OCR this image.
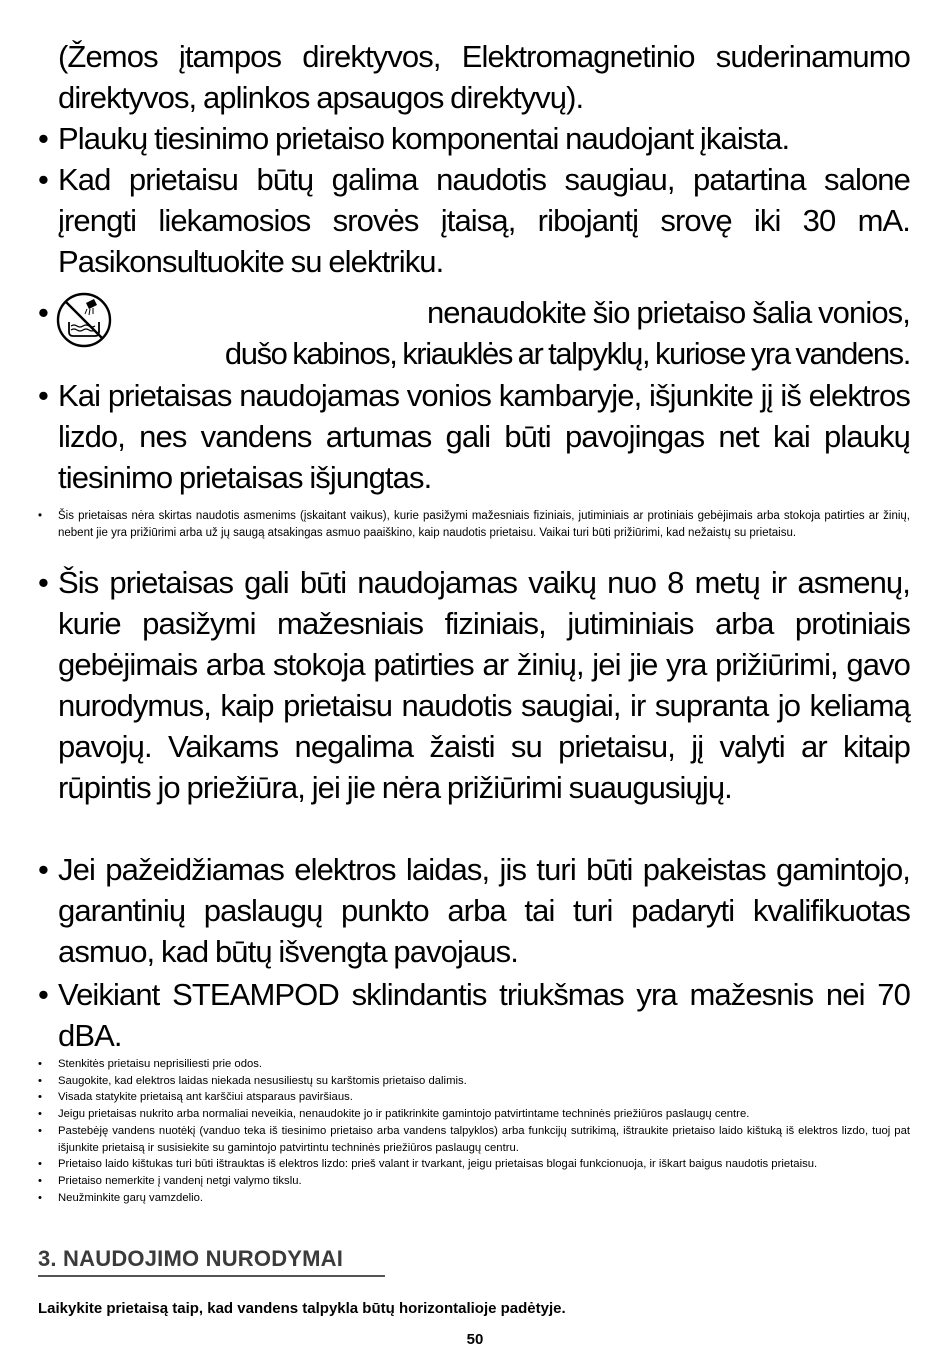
(Žemos įtampos direktyvos, Elektromagnetinio suderinamumo direktyvos, aplinkos apsaugos direktyvų).
• Plaukų tiesinimo prietaiso komponentai naudojant įkaista.
• Kad prietaisu būtų galima naudotis saugiau, patartina salone įrengti liekamosios srovės įtaisą, ribojantį srovę iki 30 mA. Pasikonsultuokite su elektriku.
•	nenaudokite šio prietaiso šalia vonios,
dušo kabinos, kriauklės ar talpyklų, kuriose yra vandens.
• Kai prietaisas naudojamas vonios kambaryje, išjunkite jį iš elektros lizdo, nes vandens artumas gali būti pavojingas net kai plaukų tiesinimo prietaisas išjungtas.
•	Šis prietaisas nėra skirtas naudotis asmenims (įskaitant vaikus), kurie pasižymi mažesniais fiziniais, jutiminiais ar protiniais gebėjimais arba stokoja patirties ar žinių, nebent jie yra prižiūrimi arba už jų saugą atsakingas asmuo paaiškino, kaip naudotis prietaisu. Vaikai turi būti prižiūrimi, kad nežaistų su prietaisu.
• Šis prietaisas gali būti naudojamas vaikų nuo 8 metų ir asmenų, kurie pasižymi mažesniais fiziniais, jutiminiais arba protiniais gebėjimais arba stokoja patirties ar žinių, jei jie yra prižiūrimi, gavo nurodymus, kaip prietaisu naudotis saugiai, ir supranta jo keliamą pavojų. Vaikams negalima žaisti su prietaisu, jį valyti ar kitaip rūpintis jo priežiūra, jei jie nėra prižiūrimi suaugusiųjų.
• Jei pažeidžiamas elektros laidas, jis turi būti pakeistas gamintojo, garantinių paslaugų punkto arba tai turi padaryti kvalifikuotas asmuo, kad būtų išvengta pavojaus.
• Veikiant STEAMPOD sklindantis triukšmas yra mažesnis nei 70 dBA.
• Stenkitės prietaisu neprisiliesti prie odos.
• Saugokite, kad elektros laidas niekada nesusiliestų su karštomis prietaiso dalimis.
• Visada statykite prietaisą ant karščiui atsparaus paviršiaus.
• Jeigu prietaisas nukrito arba normaliai neveikia, nenaudokite jo ir patikrinkite gamintojo patvirtintame techninės priežiūros paslaugų centre.
• Pastebėję vandens nuotėkį (vanduo teka iš tiesinimo prietaiso arba vandens talpyklos) arba funkcijų sutrikimą, ištraukite prietaiso laido kištuką iš elektros lizdo, tuoj pat išjunkite prietaisą ir susisiekite su gamintojo patvirtintu techninės priežiūros paslaugų centru.
• Prietaiso laido kištukas turi būti ištrauktas iš elektros lizdo: prieš valant ir tvarkant, jeigu prietaisas blogai funkcionuoja, ir iškart baigus naudotis prietaisu.
• Prietaiso nemerkite į vandenį netgi valymo tikslu.
• Neužminkite garų vamzdelio.
3. NAUDOJIMO NURODYMAI
Laikykite prietaisą taip, kad vandens talpykla būtų horizontalioje padėtyje.
50
